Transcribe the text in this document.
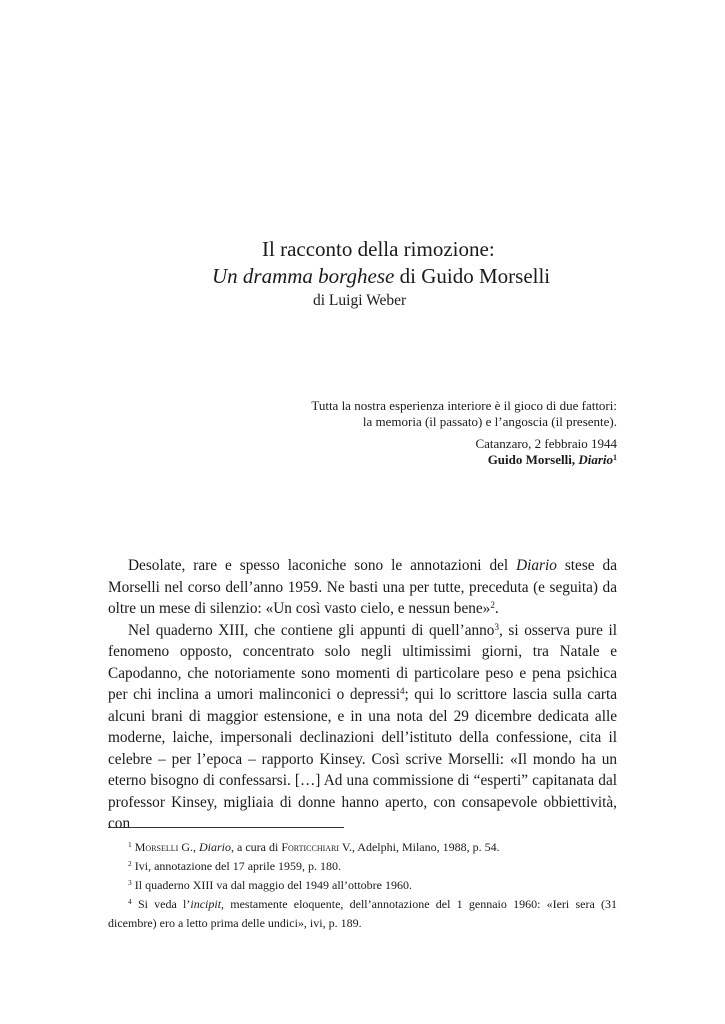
Il racconto della rimozione:
Un dramma borghese di Guido Morselli
di Luigi Weber
Tutta la nostra esperienza interiore è il gioco di due fattori:
la memoria (il passato) e l’angoscia (il presente).
Catanzaro, 2 febbraio 1944
Guido Morselli, Diario$^1$

Desolate, rare e spesso laconiche sono le annotazioni del Diario stese da Morselli nel corso dell’anno 1959. Ne basti una per tutte, preceduta (e seguita) da oltre un mese di silenzio: «Un così vasto cielo, e nessun bene»$^2$.

Nel quaderno XIII, che contiene gli appunti di quell’anno$^3$, si osserva pure il fenomeno opposto, concentrato solo negli ultimissimi giorni, tra Natale e Capodanno, che notoriamente sono momenti di particolare peso e pena psichica per chi inclina a umori malinconici o depressi$^4$; qui lo scrittore lascia sulla carta alcuni brani di maggior estensione, e in una nota del 29 dicembre dedicata alle moderne, laiche, impersonali declinazioni dell’istituto della confessione, cita il celebre – per l’epoca – rapporto Kinsey. Così scrive Morselli: «Il mondo ha un eterno bisogno di confessarsi. […] Ad una commissione di “esperti” capitanata dal professor Kinsey, migliaia di donne hanno aperto, con consapevole obbiettività, con

$^1$ Morselli G., Diario, a cura di Forticchiari V., Adelphi, Milano, 1988, p. 54.

$^2$ Ivi, annotazione del 17 aprile 1959, p. 180.

$^3$ Il quaderno XIII va dal maggio del 1949 all’ottobre 1960.

$^4$ Si veda l’incipit, mestamente eloquente, dell’annotazione del 1 gennaio 1960: «Ieri sera (31 dicembre) ero a letto prima delle undici», ivi, p. 189.
